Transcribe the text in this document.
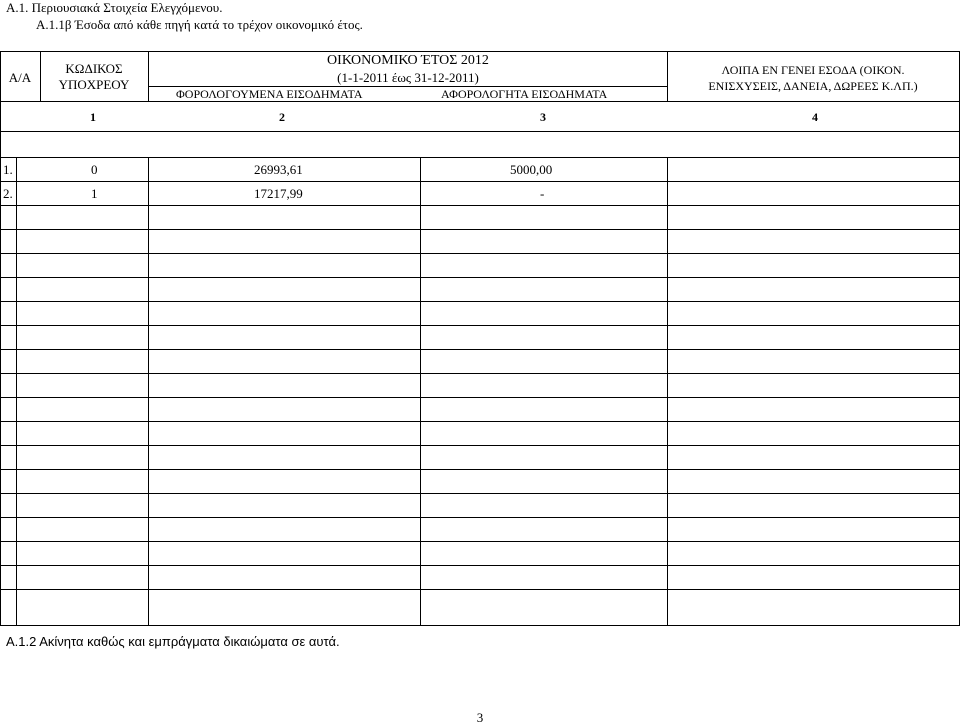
Α.1. Περιουσιακά Στοιχεία Ελεγχόμενου.
Α.1.1β Έσοδα από κάθε πηγή κατά το τρέχον οικονομικό έτος.
Α/Α
ΚΩΔΙΚΟΣ
ΥΠΟΧΡΕΟΥ
ΟΙΚΟΝΟΜΙΚΟ ΈΤΟΣ 2012
(1-1-2011 έως 31-12-2011)
ΦΟΡΟΛΟΓΟΥΜΕΝΑ ΕΙΣΟΔΗΜΑΤΑ	ΑΦΟΡΟΛΟΓΗΤΑ ΕΙΣΟΔΗΜΑΤΑ
ΛΟΙΠΑ ΕΝ ΓΕΝΕΙ ΕΣΟΔΑ (ΟΙΚΟΝ.
ΕΝΙΣΧΥΣΕΙΣ, ΔΑΝΕΙΑ, ΔΩΡΕΕΣ Κ.ΛΠ.)
1	2	3	4
1.	0	26993,61	5000,00
2.	1	17217,99	-
Α.1.2 Ακίνητα καθώς και εμπράγματα δικαιώματα σε αυτά.
3
